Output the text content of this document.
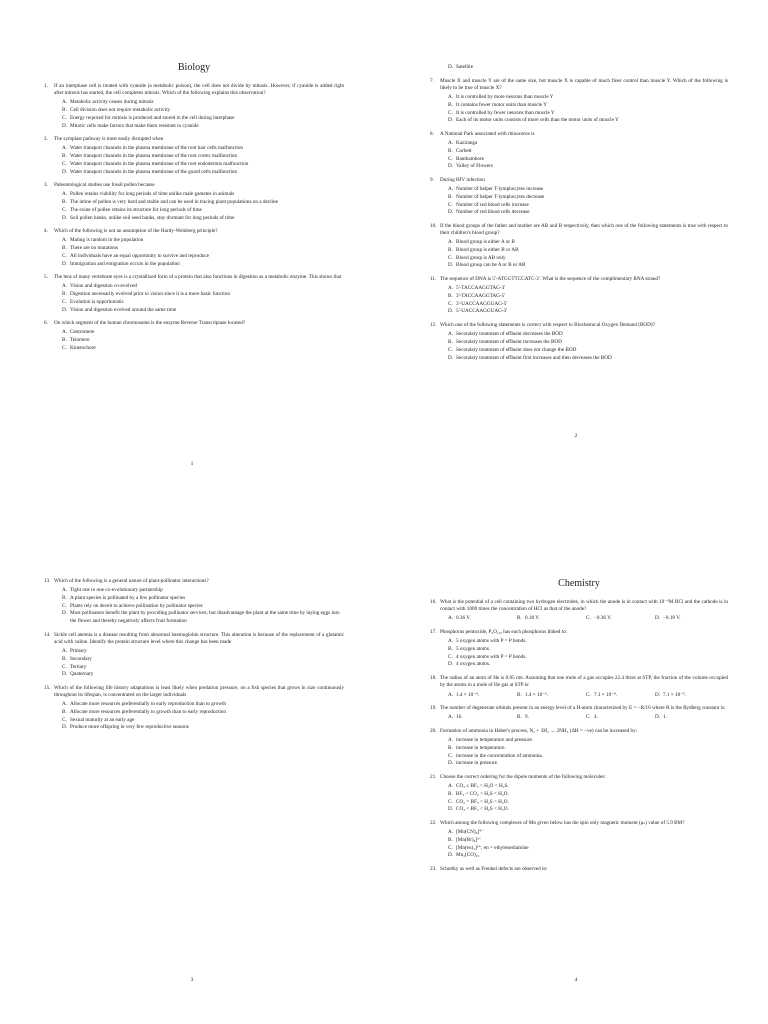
Biology
1. If an interphase cell is treated with cyanide (a metabolic poison), the cell does not divide by mitosis. However, if cyanide is added right after mitosis has started, the cell completes mitosis. Which of the following explains this observation?
A. Metabolic activity ceases during mitosis
B. Cell division does not require metabolic activity
C. Energy required for mitosis is produced and stored in the cell during interphase
D. Mitotic cells make factors that make them resistant to cyanide
2. The symplast pathway is most easily disrupted when
A. Water transport channels in the plasma membrane of the root hair cells malfunction
B. Water transport channels in the plasma membrane of the root cortex malfunction
C. Water transport channels in the plasma membrane of the root endodermis malfunction
D. Water transport channels in the plasma membrane of the guard cells malfunction
3. Paleontological studies use fossil pollen because
A. Pollen retains viability for long periods of time unlike male gametes in animals
B. The intine of pollen is very hard and stable and can be used in tracing plant populations on a decline
C. The exine of pollen retains its structure for long periods of time
D. Soil pollen banks, unlike soil seed banks, stay dormant for long periods of time
4. Which of the following is not an assumption of the Hardy-Weinberg principle?
A. Mating is random in the population
B. There are no mutations
C. All individuals have an equal opportunity to survive and reproduce
D. Immigration and emigration occurs in the population
5. The lens of many vertebrate eyes is a crystallized form of a protein that also functions in digestion as a metabolic enzyme. This shows that
A. Vision and digestion co-evolved
B. Digestion necessarily evolved prior to vision since it is a more basic function
C. Evolution is opportunistic
D. Vision and digestion evolved around the same time
6. On which segment of the human chromosome is the enzyme Reverse Transcriptase located?
A. Centromere
B. Telomere
C. Kinetochore
1
D. Satellite
7. Muscle X and muscle Y are of the same size, but muscle X is capable of much finer control than muscle Y. Which of the following is likely to be true of muscle X?
A. It is controlled by more neurons than muscle Y
B. It contains fewer motor units than muscle Y
C. It is controlled by fewer neurons than muscle Y
D. Each of its motor units consists of more cells than the motor units of muscle Y
8. A National Park associated with rhinoceros is
A. Kaziranga
B. Corbett
C. Ranthambore
D. Valley of Flowers
9. During HIV infection
A. Number of helper T-lymphocytes increase
B. Number of helper T-lymphocytes decrease
C. Number of red blood cells increase
D. Number of red blood cells decrease
10. If the blood groups of the father and mother are AB and B respectively, then which one of the following statements is true with respect to their children's blood group?
A. Blood group is either A or B
B. Blood group is either B or AB
C. Blood group is AB only
D. Blood group can be A or B or AB
11. The sequence of DNA is 5'-ATGGTTCCATC-3'. What is the sequence of the complimentary RNA strand?
A. 5'-TACCAAGGTAG-3'
B. 3'-TACCAAGGTAG-5'
C. 3'-UACCAAGGUAG-5'
D. 5'-UACCAAGGUAG-3'
12. Which one of the following statements is correct with respect to Biochemical Oxygen Demand (BOD)?
A. Secondary treatment of effluent decreases the BOD
B. Secondary treatment of effluent increases the BOD
C. Secondary treatment of effluent does not change the BOD
D. Secondary treatment of effluent first increases and then decreases the BOD
2
13. Which of the following is a general nature of plant-pollinator interactions?
A. Tight one to one co-evolutionary partnership
B. A plant species is pollinated by a few pollinator species
C. Plants rely on deceit to achieve pollination by pollinator species
D. Most pollinators benefit the plant by providing pollinator services, but disadvantage the plant at the same time by laying eggs into the flower and thereby negatively affects fruit formation
14. Sickle cell anemia is a disease resulting from abnormal haemoglobin structure. This alteration is because of the replacement of a glutamic acid with valine. Identify the protein structure level where this change has been made
A. Primary
B. Secondary
C. Tertiary
D. Quaternary
15. Which of the following life history adaptations is least likely when predation pressure, on a fish species that grows in size continuously throughout its lifespan, is concentrated on the larger individuals
A. Allocate more resources preferentially to early reproduction than to growth
B. Allocate more resources preferentially to growth than to early reproduction
C. Sexual maturity at an early age
D. Produce more offspring in very few reproductive seasons
3
Chemistry
16. What is the potential of a cell containing two hydrogen electrodes, in which the anode is in contact with 10⁻⁶M HCl and the cathode is in contact with 1000 times the concentration of HCl as that of the anode?
A. 0.36 V.	B. 0.18 V.	C. −0.36 V.	D. −0.18 V.
17. Phosphorus pentoxide, P₄O₁₀, has each phosphorus linked to:
A. 5 oxygen atoms with P = P bonds.
B. 5 oxygen atoms.
C. 4 oxygen atoms with P = P bonds.
D. 4 oxygen atoms.
18. The radius of an atom of He is 0.05 nm. Assuming that one mole of a gas occupies 22.4 litres at STP, the fraction of the volume occupied by the atoms in a mole of He gas at STP is:
A. 1.4 × 10⁻⁴.	B. 1.4 × 10⁻⁵.	C. 7.1 × 10⁻⁴.	D. 7.1 × 10⁻⁵.
19. The number of degenerate orbitals present in an energy level of a H-atom characterized by E = −R/16 where R is the Rydberg constant is:
A. 16.	B. 9.	C. 4.	D. 1.
20. Formation of ammonia in Haber's process, N₂ + 3H₂ → 2NH₃ (ΔH = −ve) can be increased by:
A. increase in temperature and pressure.
B. increase in temperature.
C. increase in the concentration of ammonia.
D. increase in pressure.
21. Choose the correct ordering for the dipole moments of the following molecules:
A. CO₂ ≤ BF₃ < H₂O < H₂S.
B. BF₃ < CO₂ < H₂S < H₂O.
C. CO₂ = BF₃ < H₂S < H₂O.
D. CO₂ < BF₃ < H₂S < H₂O.
22. Which among the following complexes of Mn given below has the spin only magnetic moment (μₛ) value of 5.9 BM?
A. [Mn(CN)₆]⁴⁻
B. [Mn(Br)₆]²⁻
C. [Mn(en)₃]²⁺; en = ethylenediamine
D. Mn₂(CO)₁₀
23. Schottky as well as Frenkel defects are observed in:
4
